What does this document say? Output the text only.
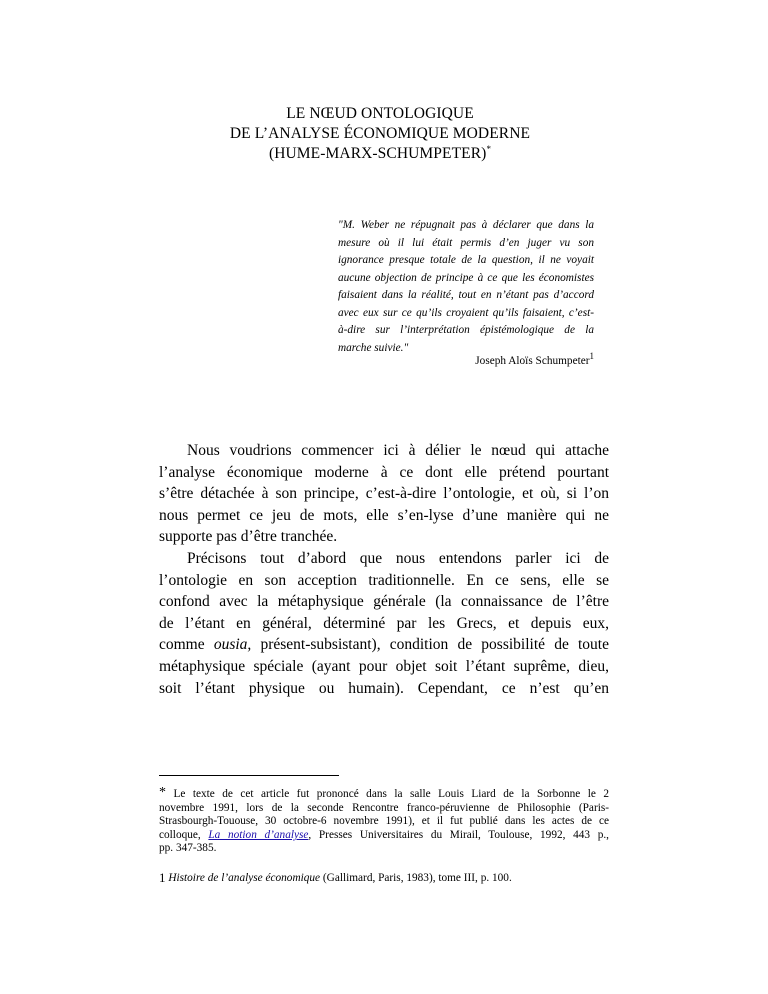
LE NŒUD ONTOLOGIQUE
DE L’ANALYSE ÉCONOMIQUE MODERNE
(HUME-MARX-SCHUMPETER)*
"M. Weber ne répugnait pas à déclarer que dans la
mesure où il lui était permis d’en juger vu son
ignorance presque totale de la question, il ne voyait
aucune objection de principe à ce que les économistes
faisaient dans la réalité, tout en n’étant pas d’accord
avec eux sur ce qu’ils croyaient qu’ils faisaient, c’est-
à-dire sur l’interprétation épistémologique de la
marche suivie."
Joseph Aloïs Schumpeter$^1$
Nous voudrions commencer ici à délier le nœud qui attache
l’analyse économique moderne à ce dont elle prétend pourtant
s’être détachée à son principe, c’est-à-dire l’ontologie, et où, si l’on
nous permet ce jeu de mots, elle s’en-lyse d’une manière qui ne
supporte pas d’être tranchée.
Précisons tout d’abord que nous entendons parler ici de
l’ontologie en son acception traditionnelle. En ce sens, elle se
confond avec la métaphysique générale (la connaissance de l’être
de l’étant en général, déterminé par les Grecs, et depuis eux,
comme ousia, présent-subsistant), condition de possibilité de toute
métaphysique spéciale (ayant pour objet soit l’étant suprême, dieu,
soit l’étant physique ou humain). Cependant, ce n’est qu’en
* Le texte de cet article fut prononcé dans la salle Louis Liard de la Sorbonne le 2
novembre 1991, lors de la seconde Rencontre franco-péruvienne de Philosophie (Paris-
Strasbourgh-Tououse, 30 octobre-6 novembre 1991), et il fut publié dans les actes de ce
colloque, La notion d’analyse, Presses Universitaires du Mirail, Toulouse, 1992, 443 p.,
pp. 347-385.
1 Histoire de l’analyse économique (Gallimard, Paris, 1983), tome III, p. 100.
